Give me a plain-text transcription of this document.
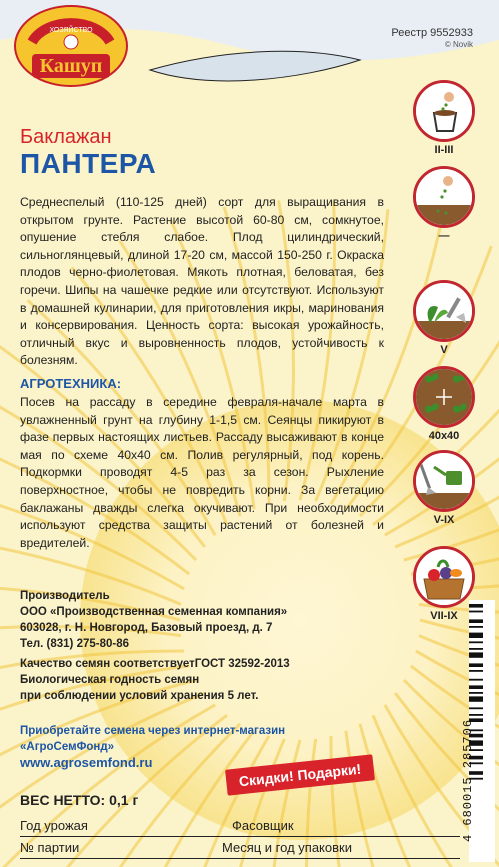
Кашуп
ХОЗЯЙСТВО	Реестр 9552933
© Novik
Баклажан
ПАНТЕРА
Среднеспелый (110-125 дней) сорт для выращивания в открытом грунте. Растение высотой 60-80 см, сомкнутое, опушение стебля слабое. Плод цилиндрический, сильноглянцевый, длиной 17-20 см, массой 150-250 г. Окраска плодов черно-фиолетовая. Мякоть плотная, беловатая, без горечи. Шипы на чашечке редкие или отсутствуют. Используют в домашней кулинарии, для приготовления икры, маринования и консервирования. Ценность сорта: высокая урожайность, отличный вкус и выровненность плодов, устойчивость к болезням.
АГРОТЕХНИКА:
Посев на рассаду в середине февраля-начале марта в увлажненный грунт на глубину 1-1,5 см. Сеянцы пикируют в фазе первых настоящих листьев. Рассаду высаживают в конце мая по схеме 40х40 см. Полив регулярный, под корень. Подкормки проводят 4-5 раз за сезон. Рыхление поверхностное, чтобы не повредить корни. За вегетацию баклажаны дважды слегка окучивают. При необходимости используют средства защиты растений от болезней и вредителей.
Производитель
ООО «Производственная семенная компания»
603028, г. Н. Новгород, Базовый проезд, д. 7
Тел. (831) 275-80-86
Качество семян соответствуетГОСТ 32592-2013
Биологическая годность семян
при соблюдении условий хранения 5 лет.
Приобретайте семена через интернет-магазин
«АгроСемФонд»
www.agrosemfond.ru	Скидки! Подарки!
ВЕС НЕТТО: 0,1 г
Год урожая	Фасовщик
№ партии	Месяц и год упаковки
II-III
—
V
40x40
V-IX
VII-IX
4 680015 285706
